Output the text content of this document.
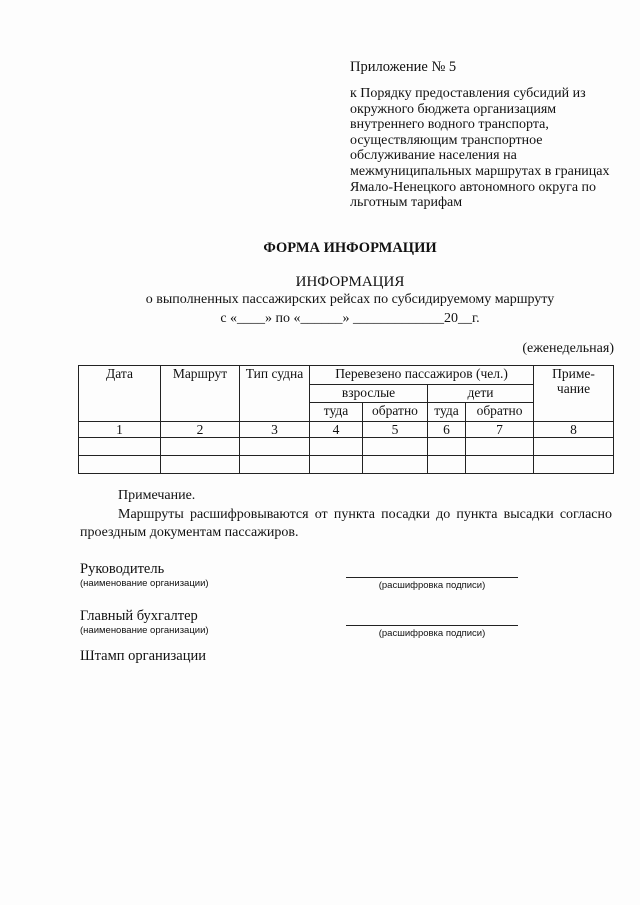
Приложение № 5
к Порядку предоставления субсидий из окружного бюджета организациям внутреннего водного транспорта, осуществляющим транспортное обслуживание населения на межмуниципальных маршрутах в границах Ямало-Ненецкого автономного округа по льготным тарифам
ФОРМА ИНФОРМАЦИИ
ИНФОРМАЦИЯ
о выполненных пассажирских рейсах по субсидируемому маршруту
с «____» по «______» _____________20__г.
(еженедельная)
Дата	Маршрут	Тип судна	Перевезено пассажиров (чел.)				Приме-чание
			взрослые		дети		
			туда	обратно	туда	обратно	
1	2	3	4	5	6	7	8

Примечание.
Маршруты расшифровываются от пункта посадки до пункта высадки согласно проездным документам пассажиров.
Руководитель
(наименование организации)	(расшифровка подписи)
Главный бухгалтер
(наименование организации)	(расшифровка подписи)
Штамп организации
